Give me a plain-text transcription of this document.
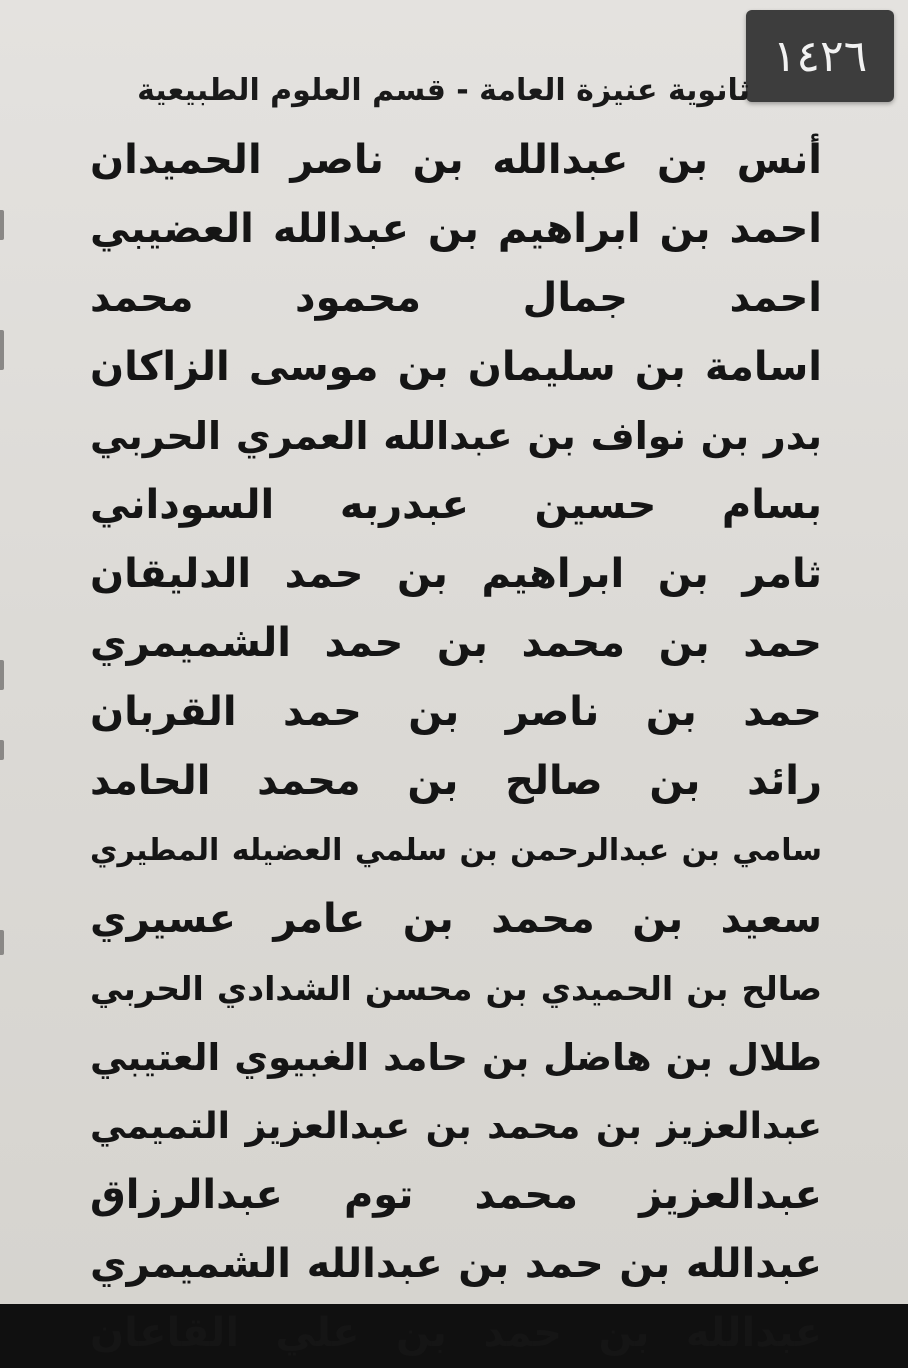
١٤٢٦
ثانوية عنيزة العامة - قسم العلوم الطبيعية
أنس بن عبدالله بن ناصر الحميدان
احمد بن ابراهيم بن عبدالله العضيبي
احمد جمال محمود محمد
اسامة بن سليمان بن موسى الزاكان
بدر بن نواف بن عبدالله العمري الحربي
بسام حسين عبدربه السوداني
ثامر بن ابراهيم بن حمد الدليقان
حمد بن محمد بن حمد الشميمري
حمد بن ناصر بن حمد القربان
رائد بن صالح بن محمد الحامد
سامي بن عبدالرحمن بن سلمي العضيله المطيري
سعيد بن محمد بن عامر عسيري
صالح بن الحميدي بن محسن الشدادي الحربي
طلال بن هاضل بن حامد الغبيوي العتيبي
عبدالعزيز بن محمد بن عبدالعزيز التميمي
عبدالعزيز محمد توم عبدالرزاق
عبدالله بن حمد بن عبدالله الشميمري
عبدالله بن حمد بن علي القاعان
